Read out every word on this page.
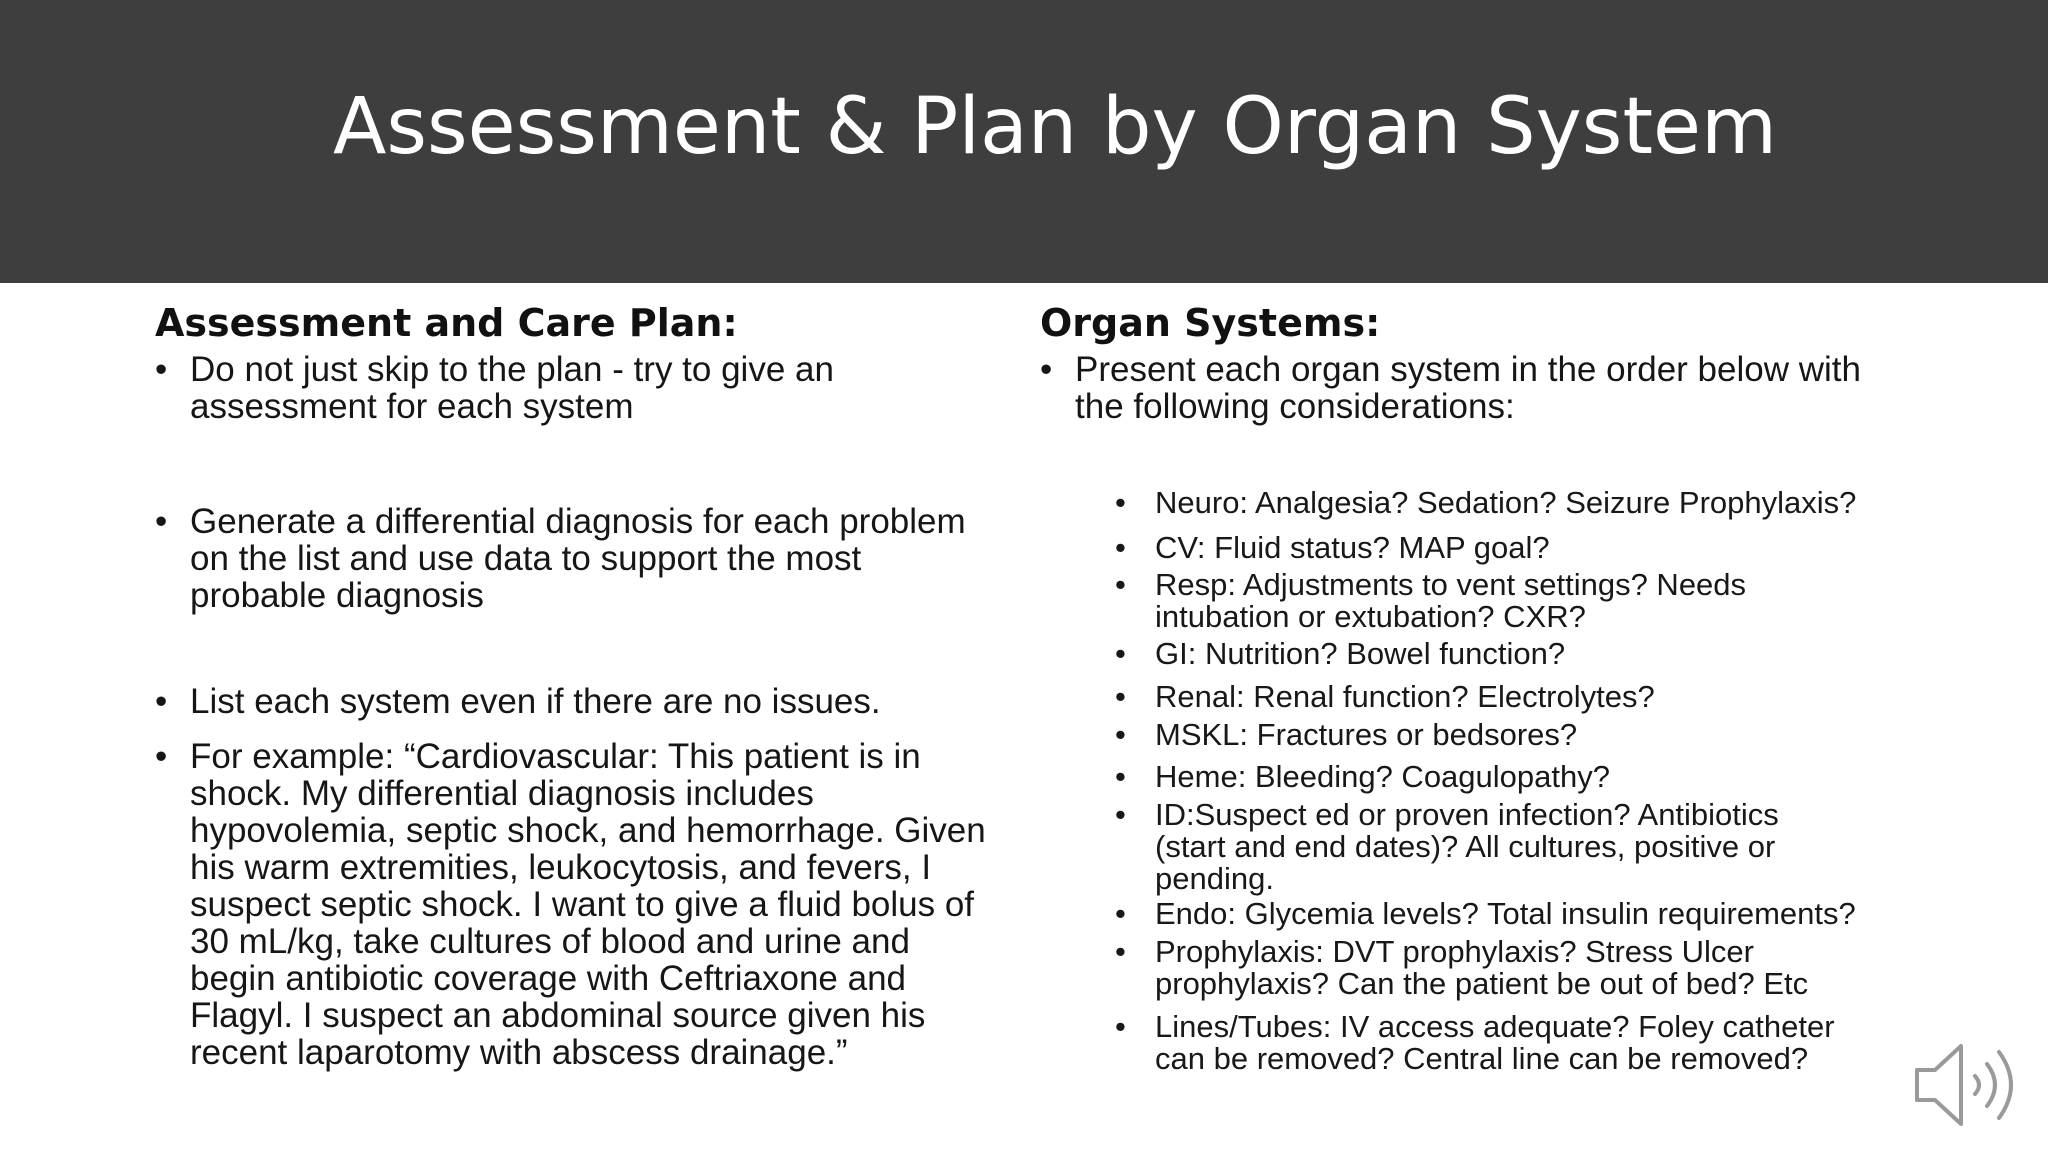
Assessment & Plan by Organ System
Assessment and Care Plan:
• Do not just skip to the plan - try to give an assessment for each system
• Generate a differential diagnosis for each problem on the list and use data to support the most probable diagnosis
• List each system even if there are no issues.
• For example: “Cardiovascular: This patient is in shock. My differential diagnosis includes hypovolemia, septic shock, and hemorrhage. Given his warm extremities, leukocytosis, and fevers, I suspect septic shock. I want to give a fluid bolus of 30 mL/kg, take cultures of blood and urine and begin antibiotic coverage with Ceftriaxone and Flagyl. I suspect an abdominal source given his recent laparotomy with abscess drainage.”
Organ Systems:
• Present each organ system in the order below with the following considerations:
• Neuro: Analgesia? Sedation? Seizure Prophylaxis?
• CV: Fluid status? MAP goal?
• Resp: Adjustments to vent settings? Needs intubation or extubation? CXR?
• GI: Nutrition? Bowel function?
• Renal: Renal function? Electrolytes?
• MSKL: Fractures or bedsores?
• Heme: Bleeding? Coagulopathy?
• ID:Suspect ed or proven infection? Antibiotics (start and end dates)? All cultures, positive or pending.
• Endo: Glycemia levels? Total insulin requirements?
• Prophylaxis: DVT prophylaxis? Stress Ulcer prophylaxis? Can the patient be out of bed? Etc
• Lines/Tubes: IV access adequate? Foley catheter can be removed? Central line can be removed?
